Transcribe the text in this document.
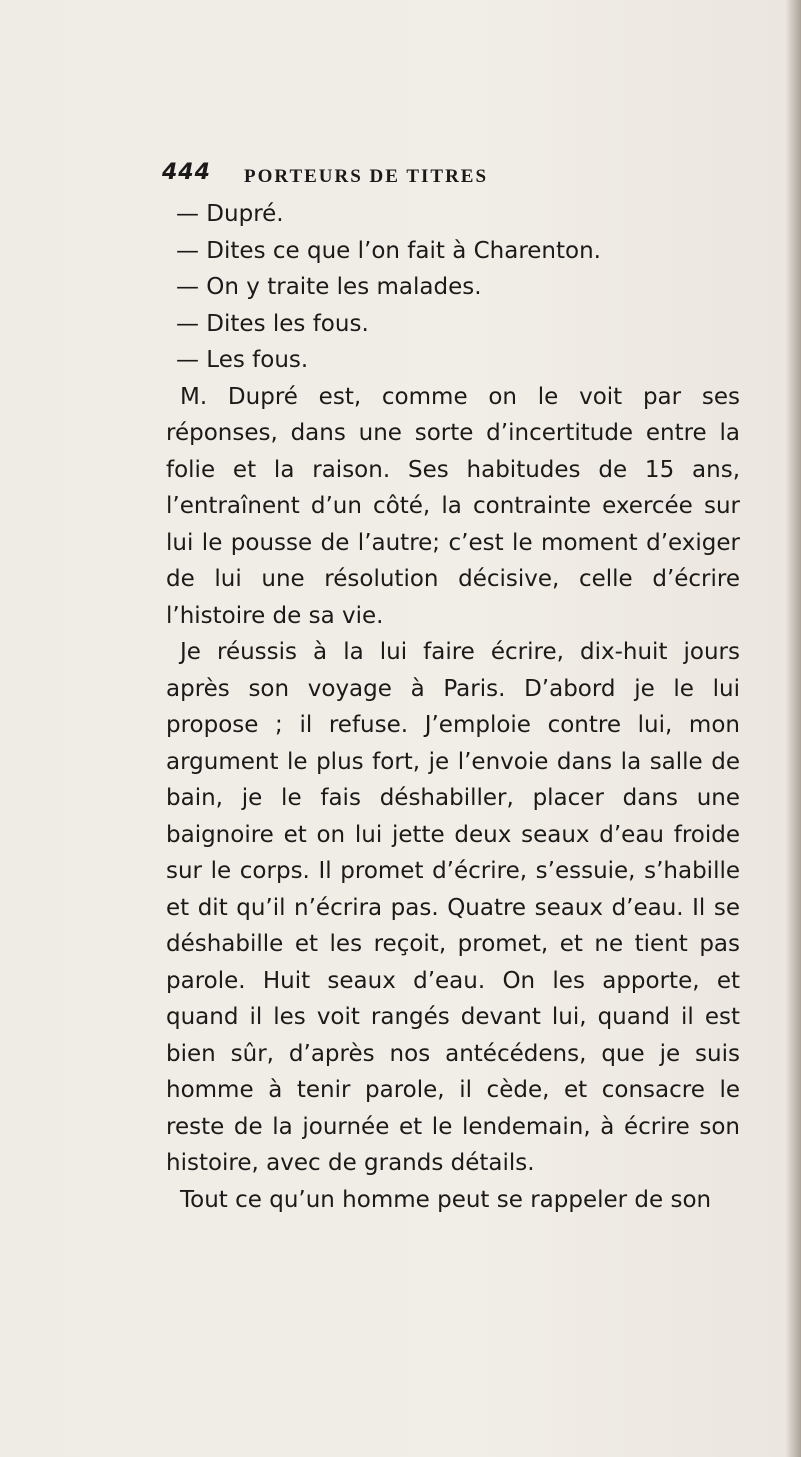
444 PORTEURS DE TITRES

— Dupré.

— Dites ce que l’on fait à Charenton.

— On y traite les malades.

— Dites les fous.

— Les fous.

M. Dupré est, comme on le voit par ses réponses, dans une sorte d’incertitude entre la folie et la raison. Ses habitudes de 15 ans, l’entraînent d’un côté, la contrainte exercée sur lui le pousse de l’autre; c’est le moment d’exiger de lui une résolution décisive, celle d’écrire l’histoire de sa vie.

Je réussis à la lui faire écrire, dix-huit jours après son voyage à Paris. D’abord je le lui propose ; il refuse. J’emploie contre lui, mon argument le plus fort, je l’envoie dans la salle de bain, je le fais déshabiller, placer dans une baignoire et on lui jette deux seaux d’eau froide sur le corps. Il promet d’écrire, s’essuie, s’habille et dit qu’il n’écrira pas. Quatre seaux d’eau. Il se déshabille et les reçoit, promet, et ne tient pas parole. Huit seaux d’eau. On les apporte, et quand il les voit rangés devant lui, quand il est bien sûr, d’après nos antécédens, que je suis homme à tenir parole, il cède, et consacre le reste de la journée et le lendemain, à écrire son histoire, avec de grands détails.

Tout ce qu’un homme peut se rappeler de son
